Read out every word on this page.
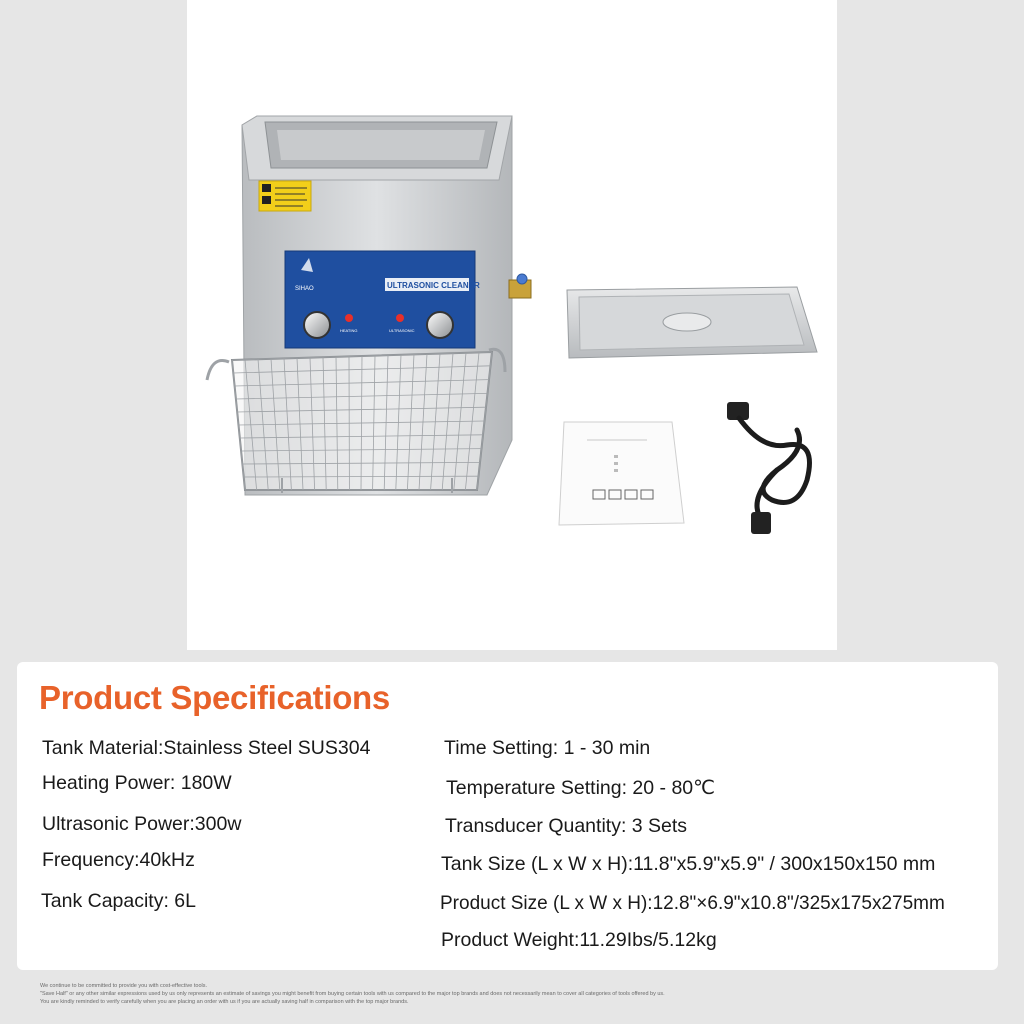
ULTRASONIC CLEANER
SIHAO
HEATING	ULTRASONIC
Product Specifications
Tank Material:Stainless Steel SUS304
Heating Power: 180W
Ultrasonic Power:300w
Frequency:40kHz
Tank Capacity: 6L
Time Setting: 1 - 30 min
Temperature Setting: 20 - 80℃
Transducer Quantity: 3 Sets
Tank Size (L x W x H):11.8"x5.9"x5.9" / 300x150x150 mm
Product Size (L x W x H):12.8"×6.9"x10.8"/325x175x275mm
Product Weight:11.29Ibs/5.12kg
We continue to be committed to provide you with cost-effective tools.
"Save Half" or any other similar expressions used by us only represents an estimate of savings you might benefit from buying certain tools with us compared to the major top brands and does not necessarily mean to cover all categories of tools offered by us.
You are kindly reminded to verify carefully when you are placing an order with us if you are actually saving half in comparison with the top major brands.
